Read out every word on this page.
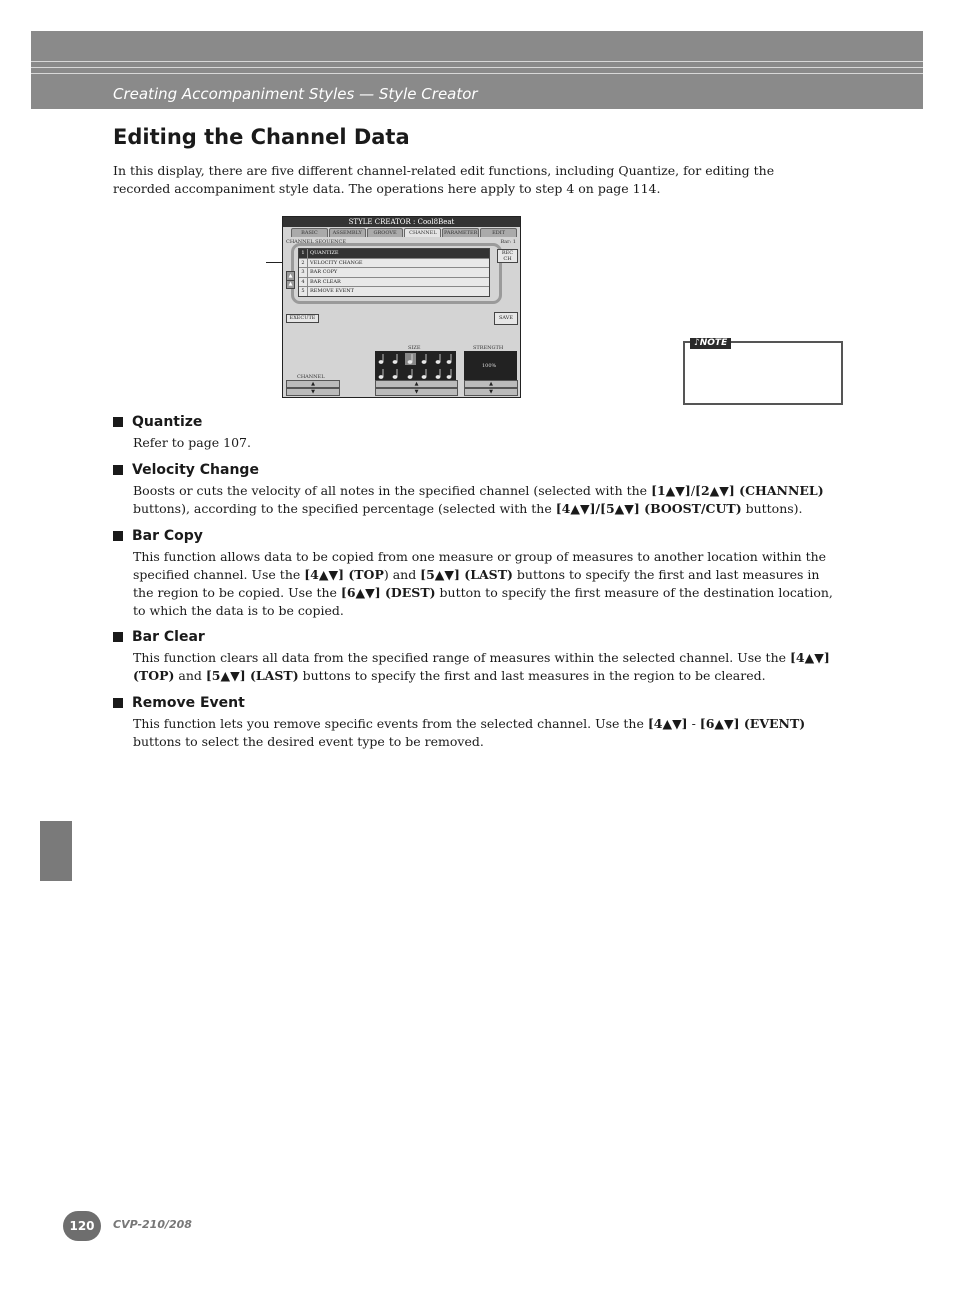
Creating Accompaniment Styles — Style Creator
Editing the Channel Data
In this display, there are five different channel-related edit functions, including Quantize, for editing the recorded accompaniment style data. The operations here apply to step 4 on page 114.
STYLE CREATOR : Cool8Beat
BASIC	ASSEMBLY	GROOVE	CHANNEL	PARAMETER	EDIT
CHANNEL SEQUENCE	Bar: 1
▲
▲
1	QUANTIZE
2	VELOCITY CHANGE
3	BAR COPY
4	BAR CLEAR
5	REMOVE EVENT
REC CH
EXECUTE	SAVE
SIZE	STRENGTH
100%
CHANNEL
▲
▼
▲
▼
▲
▼
♪NOTE
Quantize
Refer to page 107.
Velocity Change
Boosts or cuts the velocity of all notes in the specified channel (selected with the [1▲▼]/[2▲▼] (CHANNEL) buttons), according to the specified percentage (selected with the [4▲▼]/[5▲▼] (BOOST/CUT) buttons).
Bar Copy
This function allows data to be copied from one measure or group of measures to another location within the specified channel. Use the [4▲▼] (TOP) and [5▲▼] (LAST) buttons to specify the first and last measures in the region to be copied. Use the [6▲▼] (DEST) button to specify the first measure of the destination location, to which the data is to be copied.
Bar Clear
This function clears all data from the specified range of measures within the selected channel. Use the [4▲▼] (TOP) and [5▲▼] (LAST) buttons to specify the first and last measures in the region to be cleared.
Remove Event
This function lets you remove specific events from the selected channel. Use the [4▲▼] - [6▲▼] (EVENT) buttons to select the desired event type to be removed.
120	CVP-210/208
